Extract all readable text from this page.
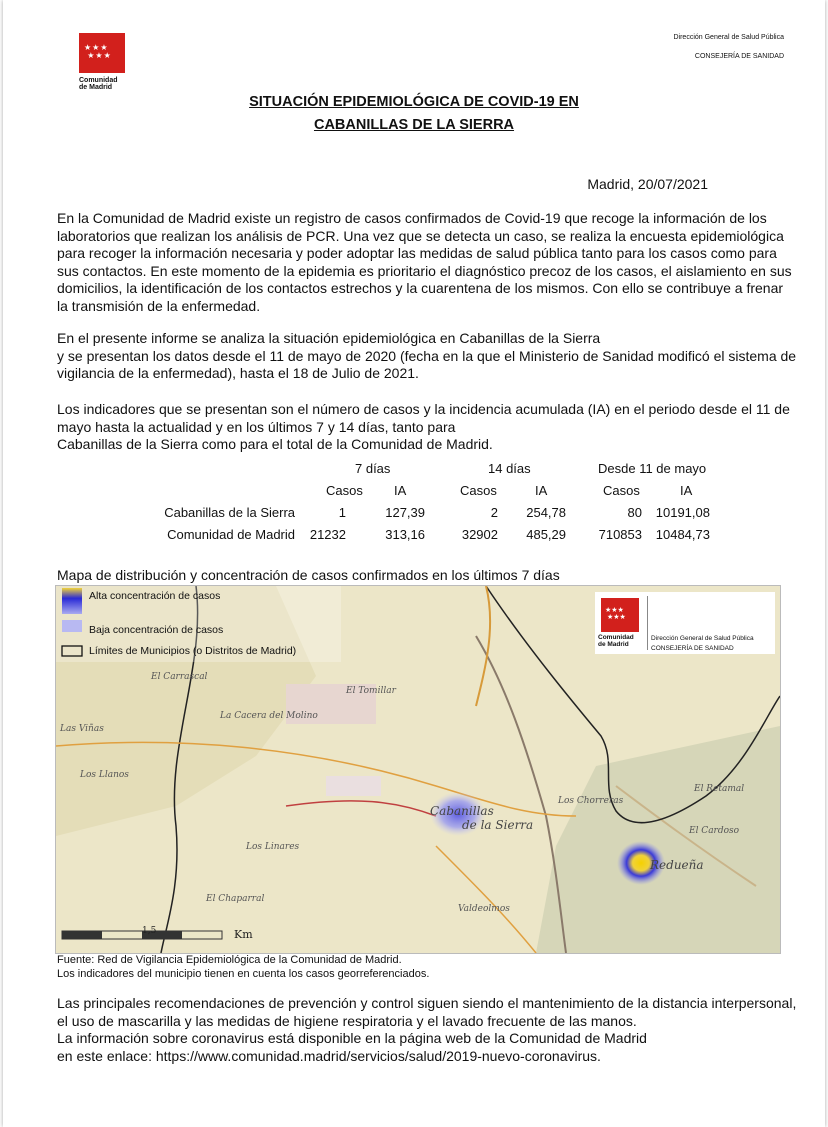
★★★
★★★
Comunidad
de Madrid
Dirección General de Salud Pública
CONSEJERÍA DE SANIDAD
SITUACIÓN EPIDEMIOLÓGICA DE COVID-19 EN
CABANILLAS DE LA SIERRA
Madrid, 20/07/2021
En la Comunidad de Madrid existe un registro de casos confirmados de Covid-19 que recoge la información de los laboratorios que realizan los análisis de PCR. Una vez que se detecta un caso, se realiza la encuesta epidemiológica para recoger la información necesaria y poder adoptar las medidas de salud pública tanto para los casos como para sus contactos. En este momento de la epidemia es prioritario el diagnóstico precoz de los casos, el aislamiento en sus domicilios, la identificación de los contactos estrechos y la cuarentena de los mismos. Con ello se contribuye a frenar la transmisión de la enfermedad.
En el presente informe se analiza la situación epidemiológica en Cabanillas de la Sierra
y se presentan los datos desde el 11 de mayo de 2020 (fecha en la que el Ministerio de Sanidad modificó el sistema de vigilancia de la enfermedad), hasta el 18 de Julio de 2021.
Los indicadores que se presentan son el número de casos y la incidencia acumulada (IA) en el periodo desde el 11 de mayo hasta la actualidad y en los últimos 7 y 14 días, tanto para
Cabanillas de la Sierra como para el total de la Comunidad de Madrid.
7 días	14 días	Desde 11 de mayo
Casos IA	Casos	IA	Casos	IA
Cabanillas de la Sierra	1	127,39	2 254,78	80 10191,08
Comunidad de Madrid 21232	313,16	32902 485,29	710853 10484,73
Mapa de distribución y concentración de casos confirmados en los últimos 7 días
Alta concentración de casos
Baja concentración de casos
Límites de Municipios (o Distritos de Madrid)
★★★
★★★
Comunidad
de Madrid
Dirección General de Salud Pública
CONSEJERÍA DE SANIDAD
Cabanillas
de la Sierra
Redueña
El Tomillar
El Carrascal
La Cacera del Molino
Los Llanos
El Chaparral
Valdeolmos
El Cardoso
El Retamal
Las Viñas
Los Linares
Los Chorreras
1,5	Km
Fuente: Red de Vigilancia Epidemiológica de la Comunidad de Madrid.
Los indicadores del municipio tienen en cuenta los casos georreferenciados.
Las principales recomendaciones de prevención y control siguen siendo el mantenimiento de la distancia interpersonal, el uso de mascarilla y las medidas de higiene respiratoria y el lavado frecuente de las manos.
La información sobre coronavirus está disponible en la página web de la Comunidad de Madrid
en este enlace: https://www.comunidad.madrid/servicios/salud/2019-nuevo-coronavirus.
